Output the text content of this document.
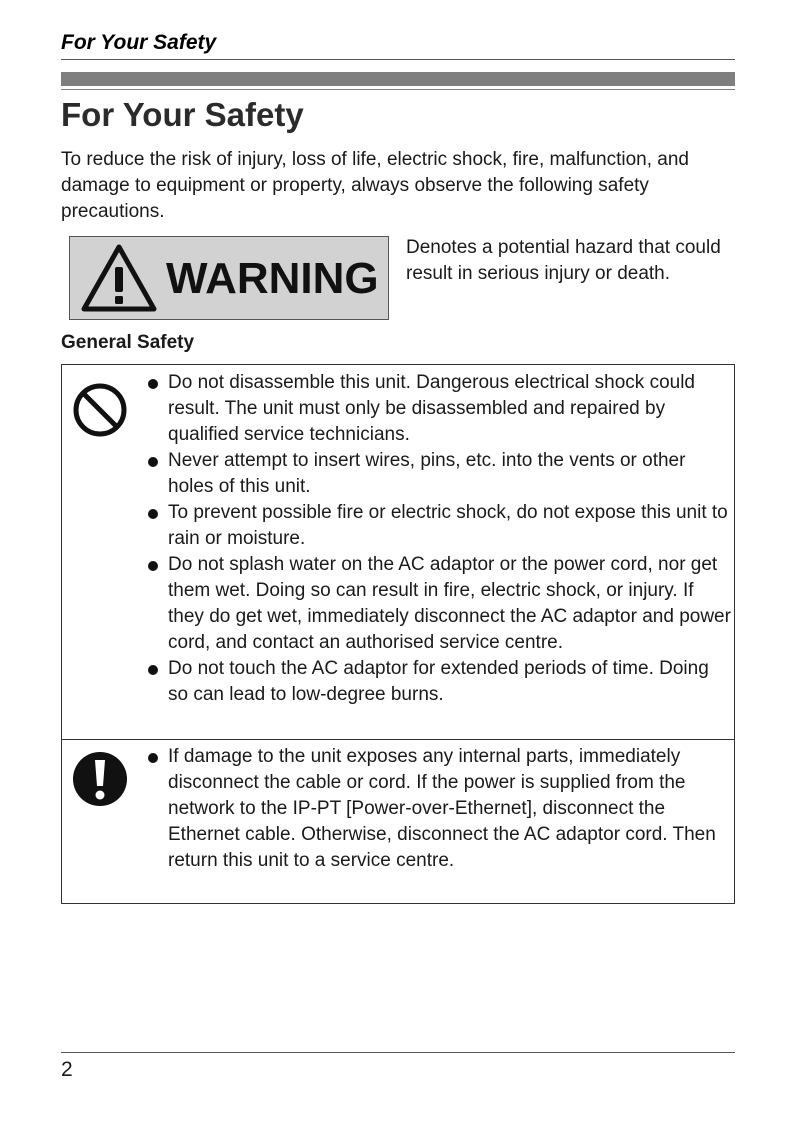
For Your Safety
For Your Safety

To reduce the risk of injury, loss of life, electric shock, fire, malfunction, and damage to equipment or property, always observe the following safety precautions.

WARNING

Denotes a potential hazard that could result in serious injury or death.

General Safety
Do not disassemble this unit. Dangerous electrical shock could result. The unit must only be disassembled and repaired by qualified service technicians.
Never attempt to insert wires, pins, etc. into the vents or other holes of this unit.
To prevent possible fire or electric shock, do not expose this unit to rain or moisture.
Do not splash water on the AC adaptor or the power cord, nor get them wet. Doing so can result in fire, electric shock, or injury. If they do get wet, immediately disconnect the AC adaptor and power cord, and contact an authorised service centre.
Do not touch the AC adaptor for extended periods of time. Doing so can lead to low-degree burns.
If damage to the unit exposes any internal parts, immediately disconnect the cable or cord. If the power is supplied from the network to the IP-PT [Power-over-Ethernet], disconnect the Ethernet cable. Otherwise, disconnect the AC adaptor cord. Then return this unit to a service centre.
2
